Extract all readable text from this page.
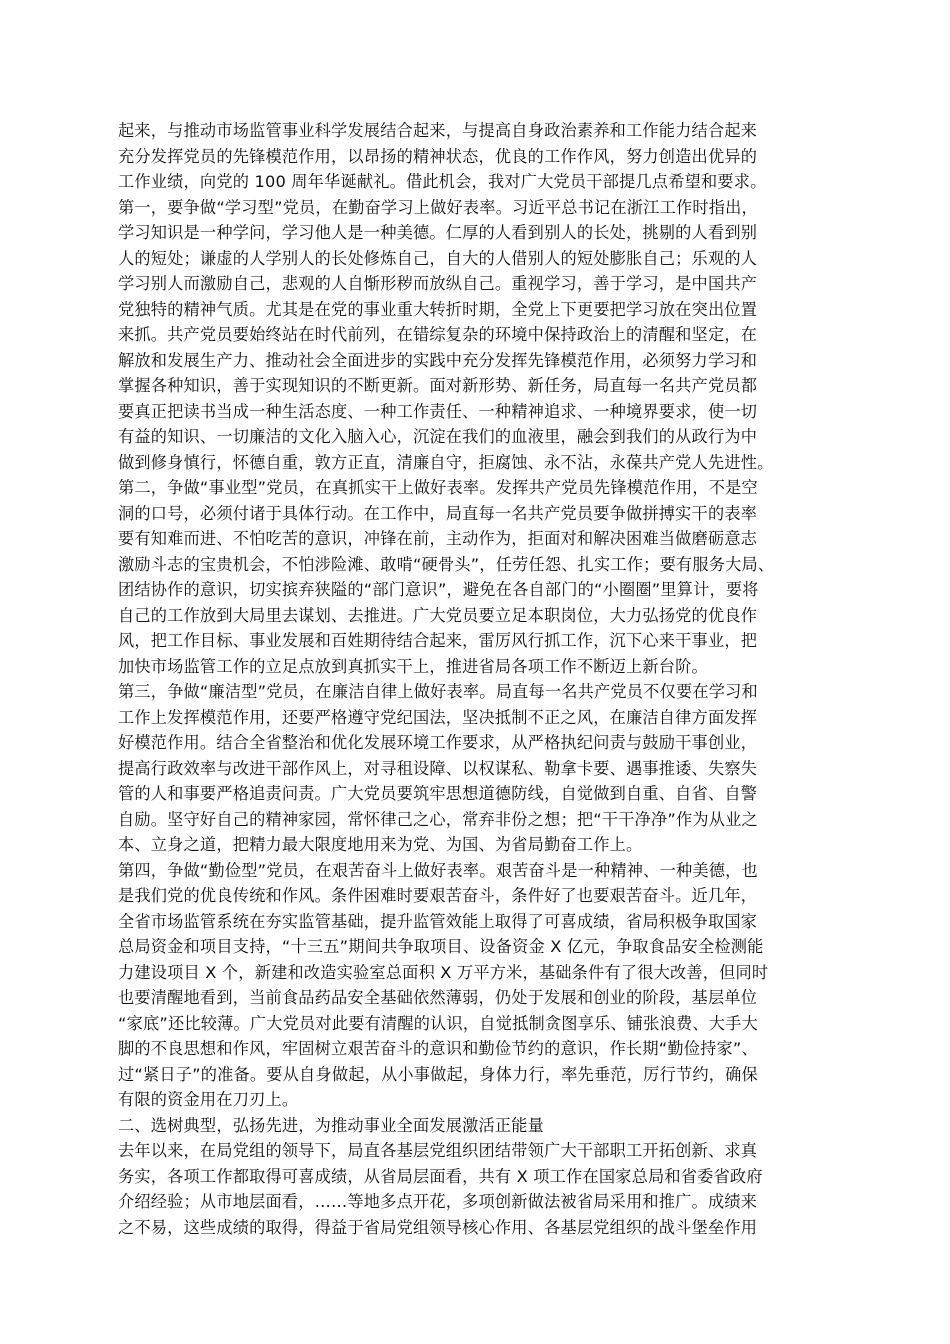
起来，与推动市场监管事业科学发展结合起来，与提高自身政治素养和工作能力结合起来
充分发挥党员的先锋模范作用，以昂扬的精神状态，优良的工作作风，努力创造出优异的
工作业绩，向党的 100 周年华诞献礼。借此机会，我对广大党员干部提几点希望和要求。
第一，要争做“学习型”党员，在勤奋学习上做好表率。习近平总书记在浙江工作时指出，
学习知识是一种学问，学习他人是一种美德。仁厚的人看到别人的长处，挑剔的人看到别
人的短处；谦虚的人学别人的长处修炼自己，自大的人借别人的短处膨胀自己；乐观的人
学习别人而激励自己，悲观的人自惭形秽而放纵自己。重视学习，善于学习，是中国共产
党独特的精神气质。尤其是在党的事业重大转折时期，全党上下更要把学习放在突出位置
来抓。共产党员要始终站在时代前列，在错综复杂的环境中保持政治上的清醒和坚定，在
解放和发展生产力、推动社会全面进步的实践中充分发挥先锋模范作用，必须努力学习和
掌握各种知识，善于实现知识的不断更新。面对新形势、新任务，局直每一名共产党员都
要真正把读书当成一种生活态度、一种工作责任、一种精神追求、一种境界要求，使一切
有益的知识、一切廉洁的文化入脑入心，沉淀在我们的血液里，融会到我们的从政行为中
做到修身慎行，怀德自重，敦方正直，清廉自守，拒腐蚀、永不沾，永葆共产党人先进性。
第二，争做“事业型”党员，在真抓实干上做好表率。发挥共产党员先锋模范作用，不是空
洞的口号，必须付诸于具体行动。在工作中，局直每一名共产党员要争做拼搏实干的表率
要有知难而进、不怕吃苦的意识，冲锋在前，主动作为，拒面对和解决困难当做磨砺意志
激励斗志的宝贵机会，不怕涉险滩、敢啃“硬骨头”，任劳任怨、扎实工作；要有服务大局、
团结协作的意识，切实摈弃狭隘的“部门意识”，避免在各自部门的“小圈圈”里算计，要将
自己的工作放到大局里去谋划、去推进。广大党员要立足本职岗位，大力弘扬党的优良作
风，把工作目标、事业发展和百姓期待结合起来，雷厉风行抓工作，沉下心来干事业，把
加快市场监管工作的立足点放到真抓实干上，推进省局各项工作不断迈上新台阶。
第三，争做“廉洁型”党员，在廉洁自律上做好表率。局直每一名共产党员不仅要在学习和
工作上发挥模范作用，还要严格遵守党纪国法，坚决抵制不正之风，在廉洁自律方面发挥
好模范作用。结合全省整治和优化发展环境工作要求，从严格执纪问责与鼓励干事创业，
提高行政效率与改进干部作风上，对寻租设障、以权谋私、勒拿卡要、遇事推诿、失察失
管的人和事要严格追责问责。广大党员要筑牢思想道德防线，自觉做到自重、自省、自警
自励。坚守好自己的精神家园，常怀律己之心，常弃非份之想；把“干干净净”作为从业之
本、立身之道，把精力最大限度地用来为党、为国、为省局勤奋工作上。
第四，争做“勤俭型”党员，在艰苦奋斗上做好表率。艰苦奋斗是一种精神、一种美德，也
是我们党的优良传统和作风。条件困难时要艰苦奋斗，条件好了也要艰苦奋斗。近几年，
全省市场监管系统在夯实监管基础，提升监管效能上取得了可喜成绩，省局积极争取国家
总局资金和项目支持，“十三五”期间共争取项目、设备资金 X 亿元，争取食品安全检测能
力建设项目 X 个，新建和改造实验室总面积 X 万平方米，基础条件有了很大改善，但同时
也要清醒地看到，当前食品药品安全基础依然薄弱，仍处于发展和创业的阶段，基层单位
“家底”还比较薄。广大党员对此要有清醒的认识，自觉抵制贪图享乐、铺张浪费、大手大
脚的不良思想和作风，牢固树立艰苦奋斗的意识和勤俭节约的意识，作长期“勤俭持家”、
过“紧日子”的准备。要从自身做起，从小事做起，身体力行，率先垂范，厉行节约，确保
有限的资金用在刀刃上。
二、选树典型，弘扬先进，为推动事业全面发展激活正能量
去年以来，在局党组的领导下，局直各基层党组织团结带领广大干部职工开拓创新、求真
务实，各项工作都取得可喜成绩，从省局层面看，共有 X 项工作在国家总局和省委省政府
介绍经验；从市地层面看，……等地多点开花，多项创新做法被省局采用和推广。成绩来
之不易，这些成绩的取得，得益于省局党组领导核心作用、各基层党组织的战斗堡垒作用
